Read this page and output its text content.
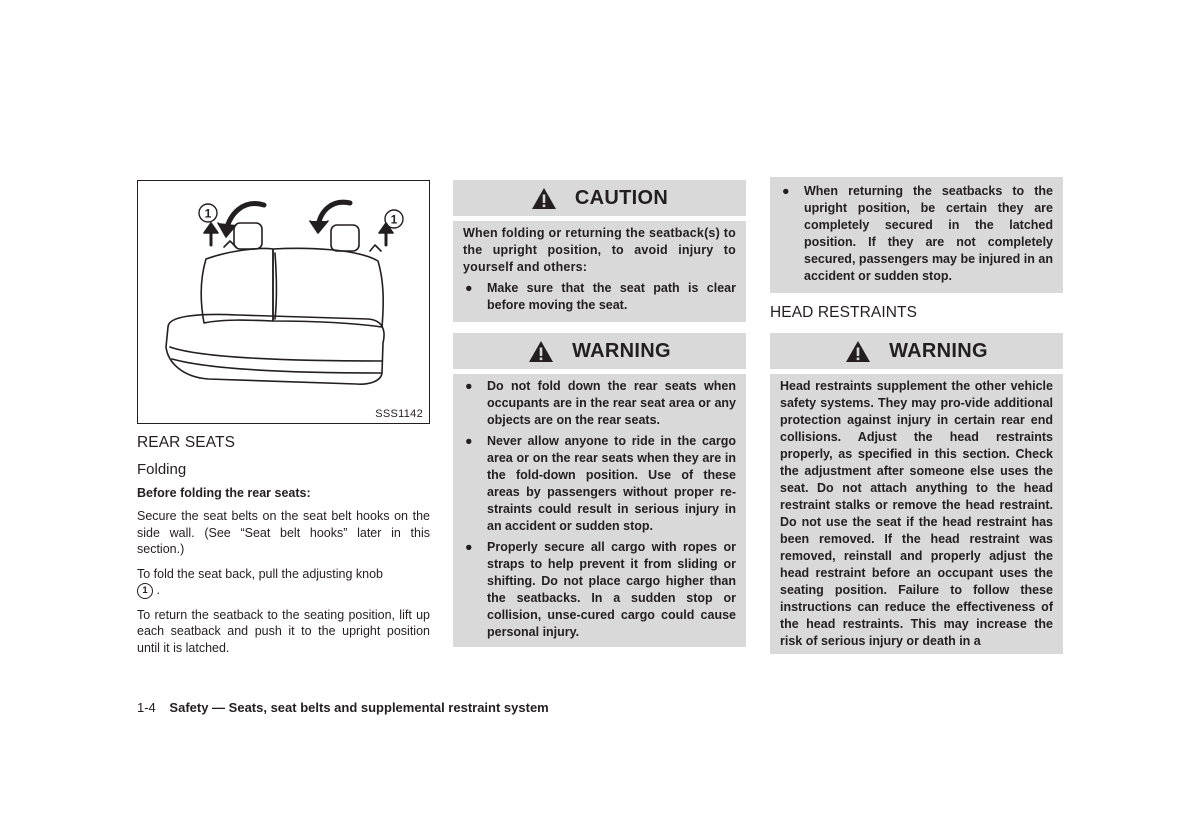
1	1
SSS1142
REAR SEATS
Folding
Before folding the rear seats:

Secure the seat belts on the seat belt hooks on the side wall. (See “Seat belt hooks” later in this section.)

To fold the seat back, pull the adjusting knob
1 .

To return the seatback to the seating position, lift up each seatback and push it to the upright position until it is latched.

CAUTION
When folding or returning the seatback(s) to the upright position, to avoid injury to yourself and others:
● Make sure that the seat path is clear before moving the seat.
WARNING
● Do not fold down the rear seats when occupants are in the rear seat area or any objects are on the rear seats.
● Never allow anyone to ride in the cargo area or on the rear seats when they are in the fold-down position. Use of these areas by passengers without proper re-straints could result in serious injury in an accident or sudden stop.
● Properly secure all cargo with ropes or straps to help prevent it from sliding or shifting. Do not place cargo higher than the seatbacks. In a sudden stop or collision, unse-cured cargo could cause personal injury.
● When returning the seatbacks to the upright position, be certain they are completely secured in the latched position. If they are not completely secured, passengers may be injured in an accident or sudden stop.
HEAD RESTRAINTS
WARNING
Head restraints supplement the other vehicle safety systems. They may pro-vide additional protection against injury in certain rear end collisions. Adjust the head restraints properly, as specified in this section. Check the adjustment after someone else uses the seat. Do not attach anything to the head restraint stalks or remove the head restraint. Do not use the seat if the head restraint has been removed. If the head restraint was removed, reinstall and properly adjust the head restraint before an occupant uses the seating position. Failure to follow these instructions can reduce the effectiveness of the head restraints. This may increase the risk of serious injury or death in a
1-4 Safety — Seats, seat belts and supplemental restraint system
